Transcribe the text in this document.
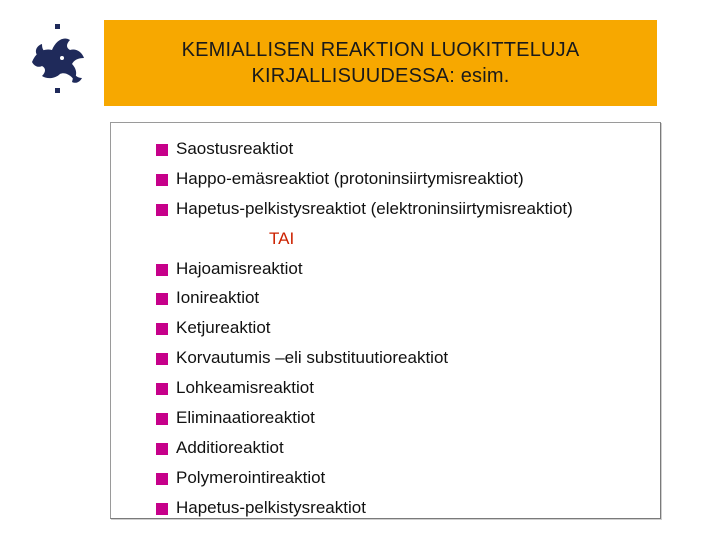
KEMIALLISEN REAKTION LUOKITTELUJA
KIRJALLISUUDESSA: esim.
Saostusreaktiot
Happo-emäsreaktiot (protoninsiirtymisreaktiot)
Hapetus-pelkistysreaktiot (elektroninsiirtymisreaktiot)
TAI
Hajoamisreaktiot
Ionireaktiot
Ketjureaktiot
Korvautumis –eli substituutioreaktiot
Lohkeamisreaktiot
Eliminaatioreaktiot
Additioreaktiot
Polymerointireaktiot
Hapetus-pelkistysreaktiot
